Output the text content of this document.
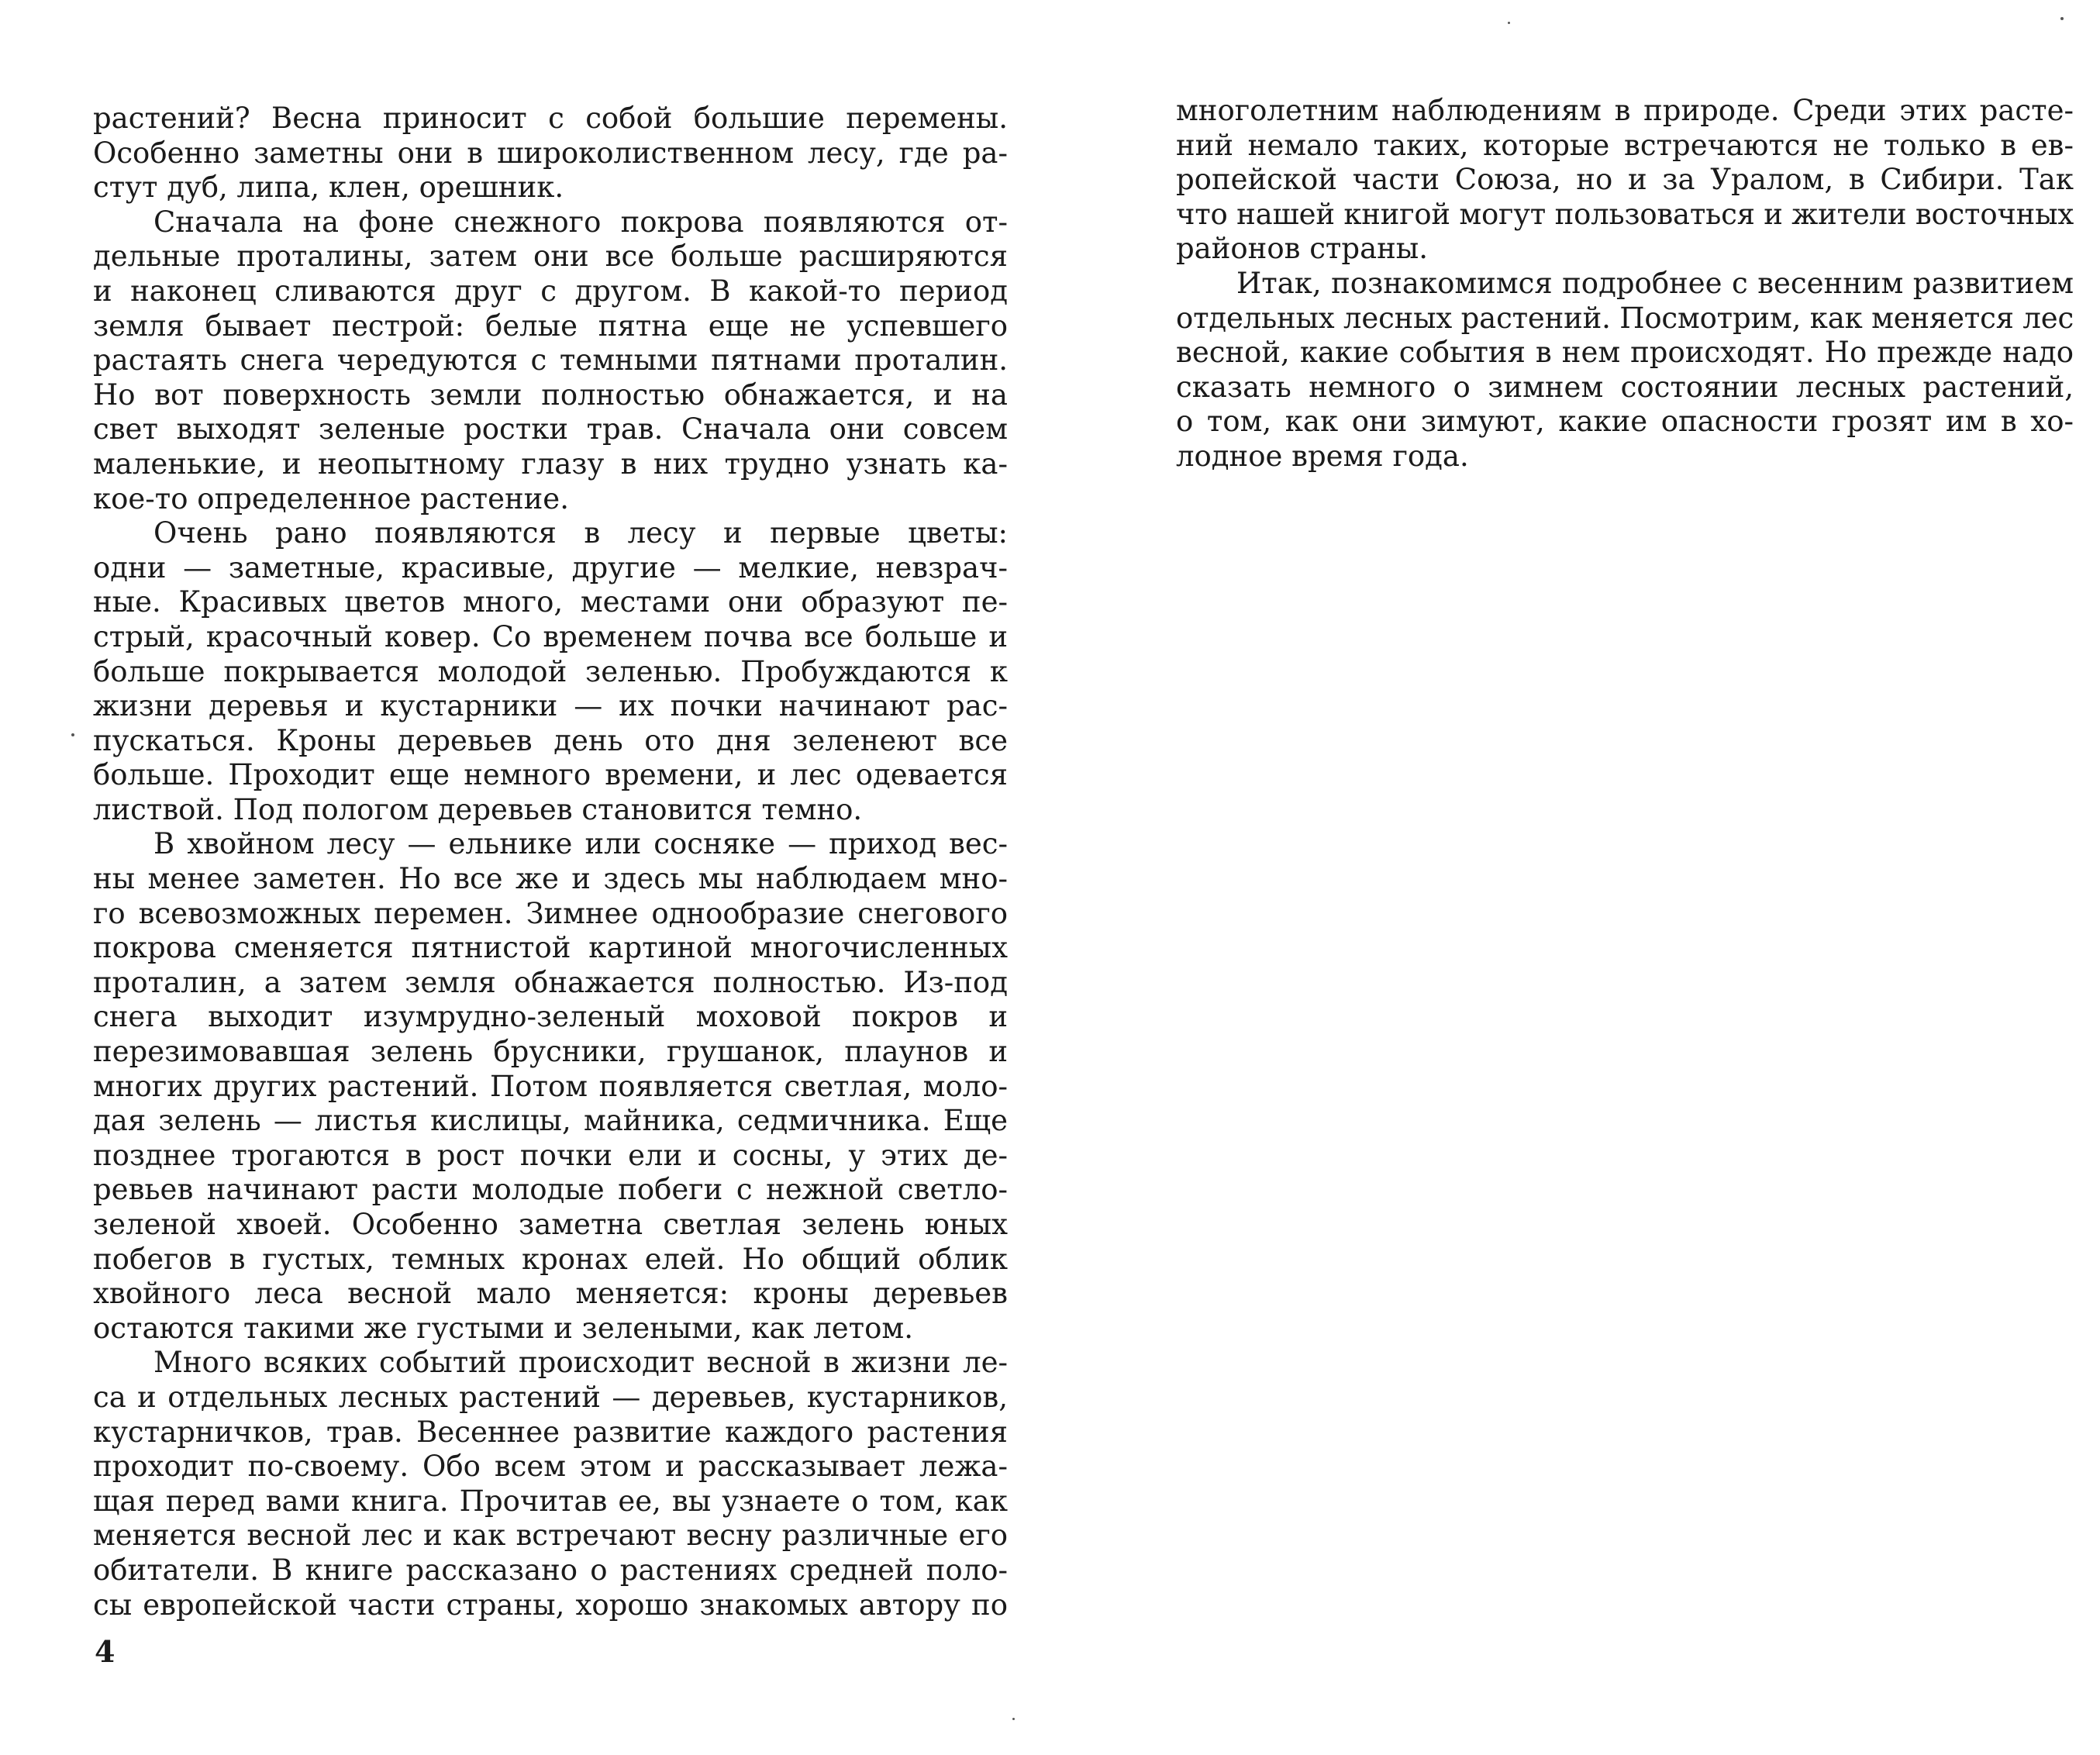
растений? Весна приносит с собой большие перемены.
Особенно заметны они в широколиственном лесу, где ра-
стут дуб, липа, клен, орешник.
Сначала на фоне снежного покрова появляются от-
дельные проталины, затем они все больше расширяются
и наконец сливаются друг с другом. В какой-то период
земля бывает пестрой: белые пятна еще не успевшего
растаять снега чередуются с темными пятнами проталин.
Но вот поверхность земли полностью обнажается, и на
свет выходят зеленые ростки трав. Сначала они совсем
маленькие, и неопытному глазу в них трудно узнать ка-
кое-то определенное растение.
Очень рано появляются в лесу и первые цветы:
одни — заметные, красивые, другие — мелкие, невзрач-
ные. Красивых цветов много, местами они образуют пе-
стрый, красочный ковер. Со временем почва все больше и
больше покрывается молодой зеленью. Пробуждаются к
жизни деревья и кустарники — их почки начинают рас-
пускаться. Кроны деревьев день ото дня зеленеют все
больше. Проходит еще немного времени, и лес одевается
листвой. Под пологом деревьев становится темно.
В хвойном лесу — ельнике или сосняке — приход вес-
ны менее заметен. Но все же и здесь мы наблюдаем мно-
го всевозможных перемен. Зимнее однообразие снегового
покрова сменяется пятнистой картиной многочисленных
проталин, а затем земля обнажается полностью. Из-под
снега выходит изумрудно-зеленый моховой покров и
перезимовавшая зелень брусники, грушанок, плаунов и
многих других растений. Потом появляется светлая, моло-
дая зелень — листья кислицы, майника, седмичника. Еще
позднее трогаются в рост почки ели и сосны, у этих де-
ревьев начинают расти молодые побеги с нежной светло-
зеленой хвоей. Особенно заметна светлая зелень юных
побегов в густых, темных кронах елей. Но общий облик
хвойного леса весной мало меняется: кроны деревьев
остаются такими же густыми и зелеными, как летом.
Много всяких событий происходит весной в жизни ле-
са и отдельных лесных растений — деревьев, кустарников,
кустарничков, трав. Весеннее развитие каждого растения
проходит по-своему. Обо всем этом и рассказывает лежа-
щая перед вами книга. Прочитав ее, вы узнаете о том, как
меняется весной лес и как встречают весну различные его
обитатели. В книге рассказано о растениях средней поло-
сы европейской части страны, хорошо знакомых автору по
4
многолетним наблюдениям в природе. Среди этих расте-
ний немало таких, которые встречаются не только в ев-
ропейской части Союза, но и за Уралом, в Сибири. Так
что нашей книгой могут пользоваться и жители восточных
районов страны.
Итак, познакомимся подробнее с весенним развитием
отдельных лесных растений. Посмотрим, как меняется лес
весной, какие события в нем происходят. Но прежде надо
сказать немного о зимнем состоянии лесных растений,
о том, как они зимуют, какие опасности грозят им в хо-
лодное время года.
